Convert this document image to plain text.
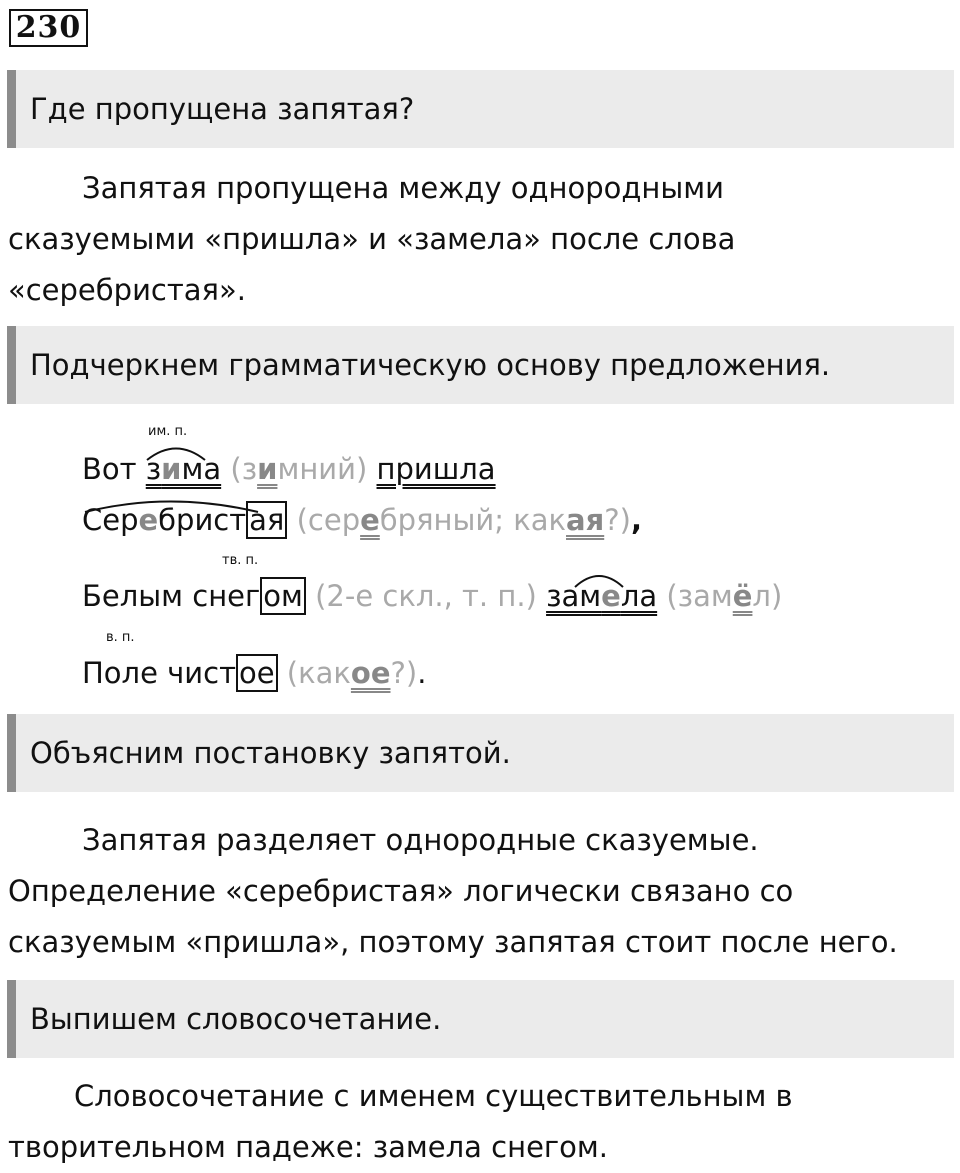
230
Где пропущена запятая?
Запятая пропущена между однородными
сказуемыми «пришла» и «замела» после слова
«серебристая».
Подчеркнем грамматическую основу предложения.
им. п.
Вот зима (зимний) пришла
Серебрист ая (серебряный; какая?),
тв. п.
Белым снег ом (2-е скл., т. п.) замела (замёл)
в. п.
Поле чист ое (какое?).
Объясним постановку запятой.
Запятая разделяет однородные сказуемые.
Определение «серебристая» логически связано со
сказуемым «пришла», поэтому запятая стоит после него.
Выпишем словосочетание.
Словосочетание с именем существительным в
творительном падеже: замела снегом.
